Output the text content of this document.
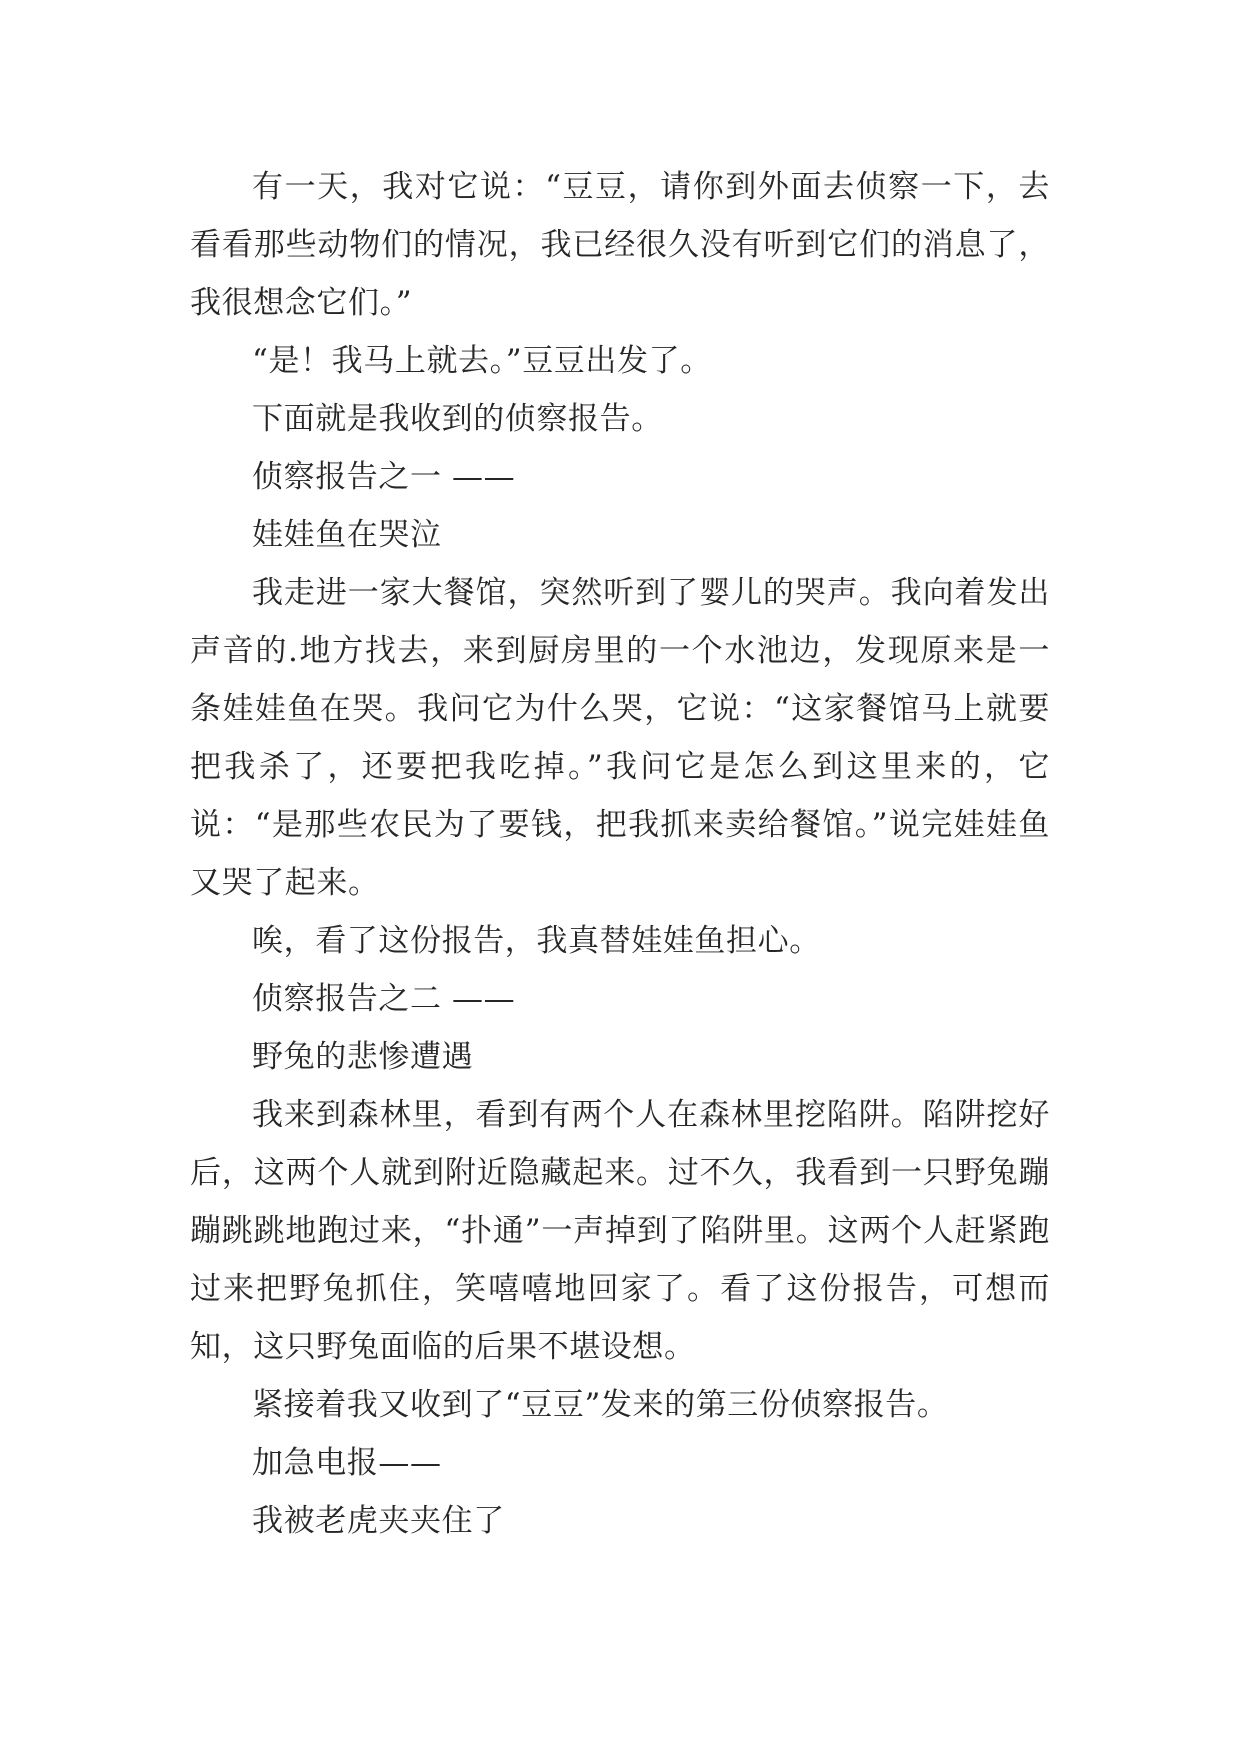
有一天，我对它说：“豆豆，请你到外面去侦察一下，去看看那些动物们的情况，我已经很久没有听到它们的消息了，我很想念它们。”

“是！我马上就去。”豆豆出发了。

下面就是我收到的侦察报告。

侦察报告之一 ——

娃娃鱼在哭泣

我走进一家大餐馆，突然听到了婴儿的哭声。我向着发出声音的.地方找去，来到厨房里的一个水池边，发现原来是一条娃娃鱼在哭。我问它为什么哭，它说：“这家餐馆马上就要把我杀了，还要把我吃掉。”我问它是怎么到这里来的，它说：“是那些农民为了要钱，把我抓来卖给餐馆。”说完娃娃鱼又哭了起来。

唉，看了这份报告，我真替娃娃鱼担心。

侦察报告之二 ——

野兔的悲惨遭遇

我来到森林里，看到有两个人在森林里挖陷阱。陷阱挖好后，这两个人就到附近隐藏起来。过不久，我看到一只野兔蹦蹦跳跳地跑过来，“扑通”一声掉到了陷阱里。这两个人赶紧跑过来把野兔抓住，笑嘻嘻地回家了。看了这份报告，可想而知，这只野兔面临的后果不堪设想。

紧接着我又收到了“豆豆”发来的第三份侦察报告。

加急电报——

我被老虎夹夹住了
